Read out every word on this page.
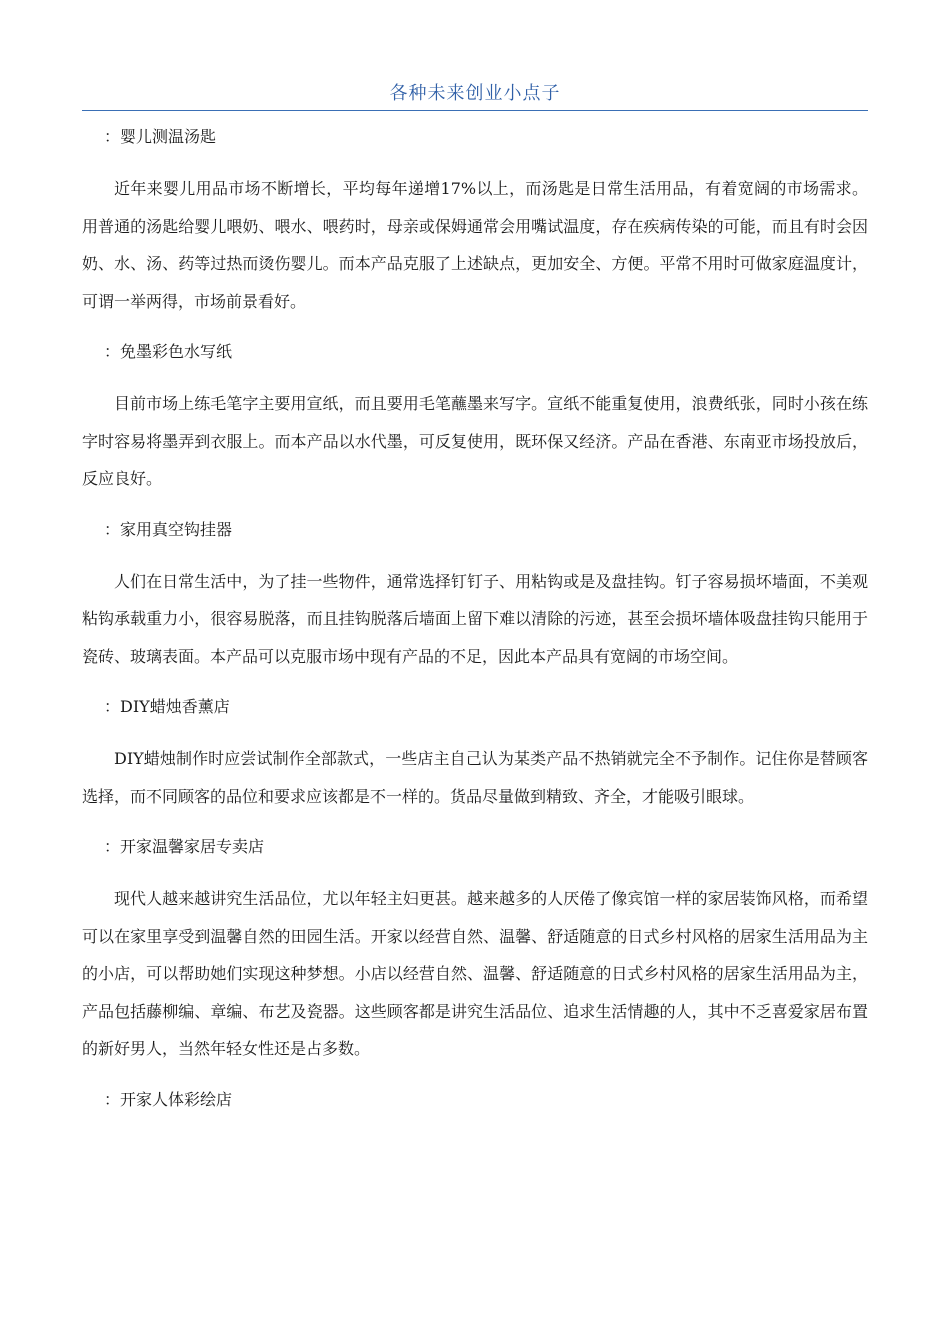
各种未来创业小点子
：婴儿测温汤匙
近年来婴儿用品市场不断增长，平均每年递增17%以上，而汤匙是日常生活用品，有着宽阔的市场需求。用普通的汤匙给婴儿喂奶、喂水、喂药时，母亲或保姆通常会用嘴试温度，存在疾病传染的可能，而且有时会因奶、水、汤、药等过热而烫伤婴儿。而本产品克服了上述缺点，更加安全、方便。平常不用时可做家庭温度计，可谓一举两得，市场前景看好。
：免墨彩色水写纸
目前市场上练毛笔字主要用宣纸，而且要用毛笔蘸墨来写字。宣纸不能重复使用，浪费纸张，同时小孩在练字时容易将墨弄到衣服上。而本产品以水代墨，可反复使用，既环保又经济。产品在香港、东南亚市场投放后，反应良好。
：家用真空钩挂器
人们在日常生活中，为了挂一些物件，通常选择钉钉子、用粘钩或是及盘挂钩。钉子容易损坏墙面，不美观粘钩承载重力小，很容易脱落，而且挂钩脱落后墙面上留下难以清除的污迹，甚至会损坏墙体吸盘挂钩只能用于瓷砖、玻璃表面。本产品可以克服市场中现有产品的不足，因此本产品具有宽阔的市场空间。
：DIY蜡烛香薰店
DIY蜡烛制作时应尝试制作全部款式，一些店主自己认为某类产品不热销就完全不予制作。记住你是替顾客选择，而不同顾客的品位和要求应该都是不一样的。货品尽量做到精致、齐全，才能吸引眼球。
：开家温馨家居专卖店
现代人越来越讲究生活品位，尤以年轻主妇更甚。越来越多的人厌倦了像宾馆一样的家居装饰风格，而希望可以在家里享受到温馨自然的田园生活。开家以经营自然、温馨、舒适随意的日式乡村风格的居家生活用品为主的小店，可以帮助她们实现这种梦想。小店以经营自然、温馨、舒适随意的日式乡村风格的居家生活用品为主，产品包括藤柳编、章编、布艺及瓷器。这些顾客都是讲究生活品位、追求生活情趣的人，其中不乏喜爱家居布置的新好男人，当然年轻女性还是占多数。
：开家人体彩绘店
